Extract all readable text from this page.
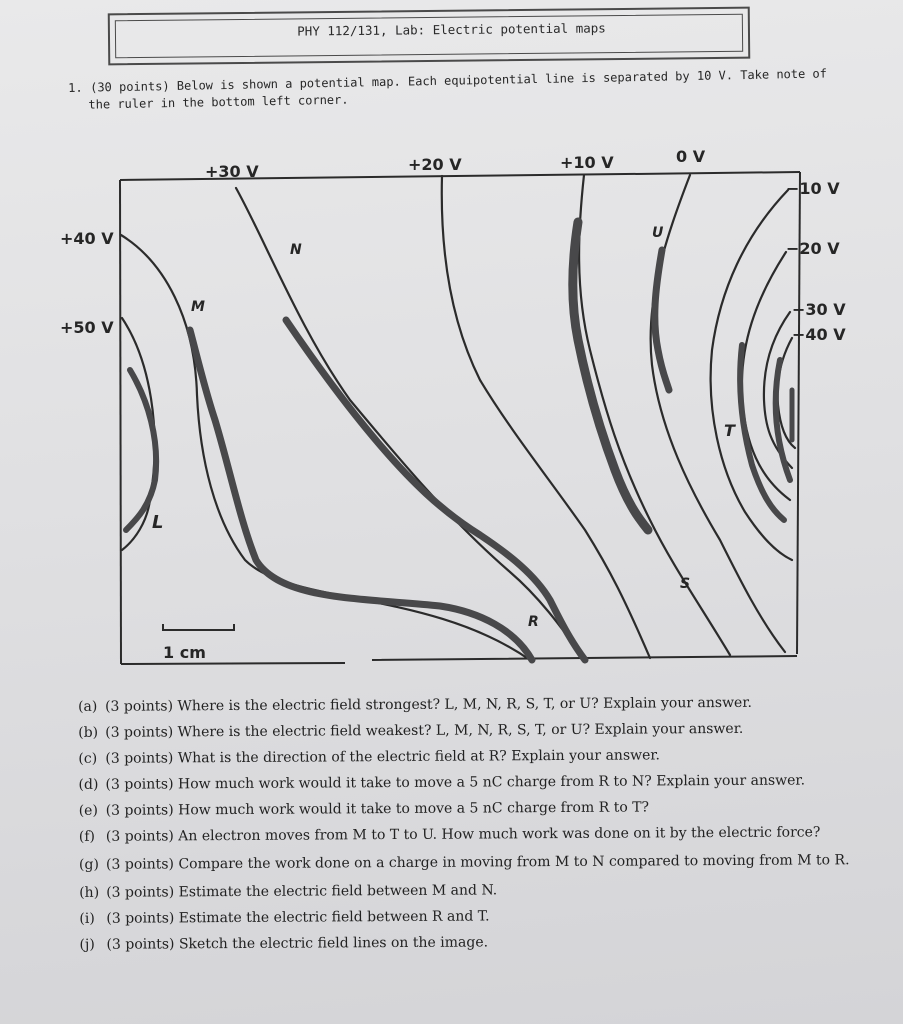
PHY 112/131, Lab: Electric potential maps
1. (30 points) Below is shown a potential map. Each equipotential line is separated by 10 V. Take note of
the ruler in the bottom left corner.
1 cm
+30 V	+20 V	+10 V	0 V
+40 V
+50 V
−10 V
−20 V
−30 V
−40 V
L
M
N
R
S
T
U
(a) (3 points) Where is the electric field strongest? L, M, N, R, S, T, or U? Explain your answer.
(b) (3 points) Where is the electric field weakest? L, M, N, R, S, T, or U? Explain your answer.
(c) (3 points) What is the direction of the electric field at R? Explain your answer.
(d) (3 points) How much work would it take to move a 5 nC charge from R to N? Explain your answer.
(e) (3 points) How much work would it take to move a 5 nC charge from R to T?
(f) (3 points) An electron moves from M to T to U. How much work was done on it by the electric force?
(g) (3 points) Compare the work done on a charge in moving from M to N compared to moving from M to R.
(h) (3 points) Estimate the electric field between M and N.
(i) (3 points) Estimate the electric field between R and T.
(j) (3 points) Sketch the electric field lines on the image.
